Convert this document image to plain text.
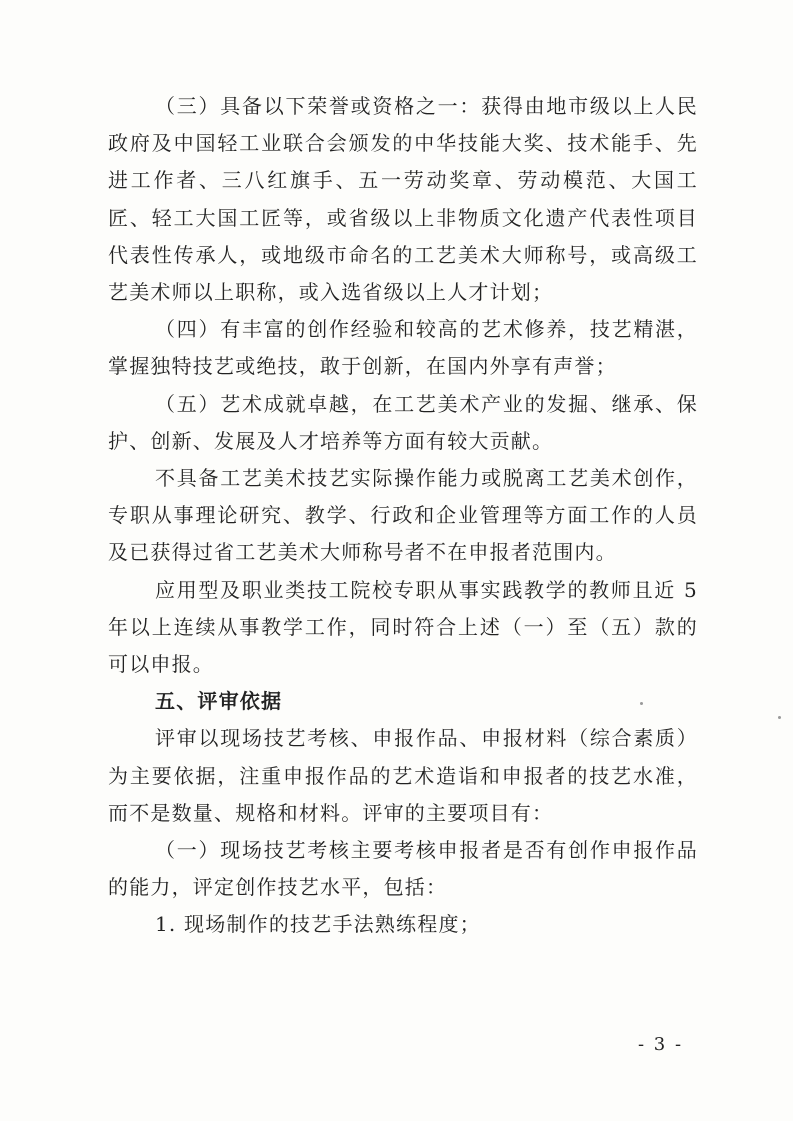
（三）具备以下荣誉或资格之一：获得由地市级以上人民政府及中国轻工业联合会颁发的中华技能大奖、技术能手、先进工作者、三八红旗手、五一劳动奖章、劳动模范、大国工匠、轻工大国工匠等，或省级以上非物质文化遗产代表性项目代表性传承人，或地级市命名的工艺美术大师称号，或高级工艺美术师以上职称，或入选省级以上人才计划；

（四）有丰富的创作经验和较高的艺术修养，技艺精湛，掌握独特技艺或绝技，敢于创新，在国内外享有声誉；

（五）艺术成就卓越，在工艺美术产业的发掘、继承、保护、创新、发展及人才培养等方面有较大贡献。

不具备工艺美术技艺实际操作能力或脱离工艺美术创作，专职从事理论研究、教学、行政和企业管理等方面工作的人员及已获得过省工艺美术大师称号者不在申报者范围内。

应用型及职业类技工院校专职从事实践教学的教师且近 5年以上连续从事教学工作，同时符合上述（一）至（五）款的可以申报。

五、评审依据

评审以现场技艺考核、申报作品、申报材料（综合素质）为主要依据，注重申报作品的艺术造诣和申报者的技艺水准，而不是数量、规格和材料。评审的主要项目有：

（一）现场技艺考核主要考核申报者是否有创作申报作品的能力，评定创作技艺水平，包括：

1. 现场制作的技艺手法熟练程度；

- 3 -
